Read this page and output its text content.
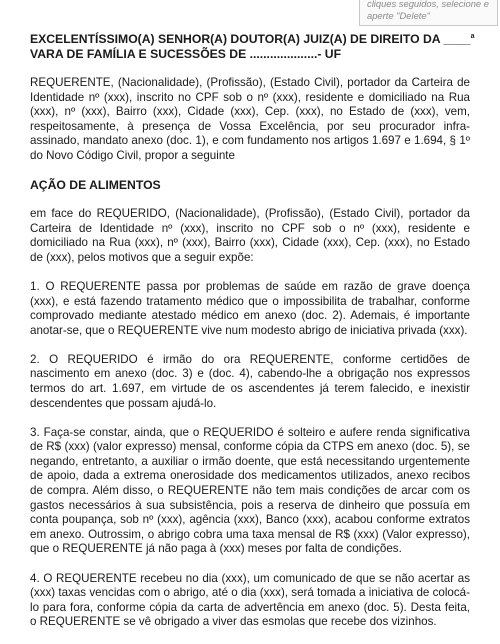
cliques seguidos, selecione e
aperte "Delete"
EXCELENTÍSSIMO(A) SENHOR(A) DOUTOR(A) JUIZ(A) DE DIREITO DA ____$^a$
VARA DE FAMÍLIA E SUCESSÕES DE ....................- UF

REQUERENTE, (Nacionalidade), (Profissão), (Estado Civil), portador da Carteira de Identidade nº (xxx), inscrito no CPF sob o nº (xxx), residente e domiciliado na Rua (xxx), nº (xxx), Bairro (xxx), Cidade (xxx), Cep. (xxx), no Estado de (xxx), vem, respeitosamente, à presença de Vossa Excelência, por seu procurador infra-assinado, mandato anexo (doc. 1), e com fundamento nos artigos 1.697 e 1.694, § 1º do Novo Código Civil, propor a seguinte

AÇÃO DE ALIMENTOS

em face do REQUERIDO, (Nacionalidade), (Profissão), (Estado Civil), portador da Carteira de Identidade nº (xxx), inscrito no CPF sob o nº (xxx), residente e domiciliado na Rua (xxx), nº (xxx), Bairro (xxx), Cidade (xxx), Cep. (xxx), no Estado de (xxx), pelos motivos que a seguir expõe:

1. O REQUERENTE passa por problemas de saúde em razão de grave doença (xxx), e está fazendo tratamento médico que o impossibilita de trabalhar, conforme comprovado mediante atestado médico em anexo (doc. 2). Ademais, é importante anotar-se, que o REQUERENTE vive num modesto abrigo de iniciativa privada (xxx).

2. O REQUERIDO é irmão do ora REQUERENTE, conforme certidões de nascimento em anexo (doc. 3) e (doc. 4), cabendo-lhe a obrigação nos expressos termos do art. 1.697, em virtude de os ascendentes já terem falecido, e inexistir descendentes que possam ajudá-lo.

3. Faça-se constar, ainda, que o REQUERIDO é solteiro e aufere renda significativa de R$ (xxx) (valor expresso) mensal, conforme cópia da CTPS em anexo (doc. 5), se negando, entretanto, a auxiliar o irmão doente, que está necessitando urgentemente de apoio, dada a extrema onerosidade dos medicamentos utilizados, anexo recibos de compra. Além disso, o REQUERENTE não tem mais condições de arcar com os gastos necessários à sua subsistência, pois a reserva de dinheiro que possuía em conta poupança, sob nº (xxx), agência (xxx), Banco (xxx), acabou conforme extratos em anexo. Outrossim, o abrigo cobra uma taxa mensal de R$ (xxx) (Valor expresso), que o REQUERENTE já não paga à (xxx) meses por falta de condições.

4. O REQUERENTE recebeu no dia (xxx), um comunicado de que se não acertar as (xxx) taxas vencidas com o abrigo, até o dia (xxx), será tomada a iniciativa de colocá-lo para fora, conforme cópia da carta de advertência em anexo (doc. 5). Desta feita, o REQUERENTE se vê obrigado a viver das esmolas que recebe dos vizinhos.
